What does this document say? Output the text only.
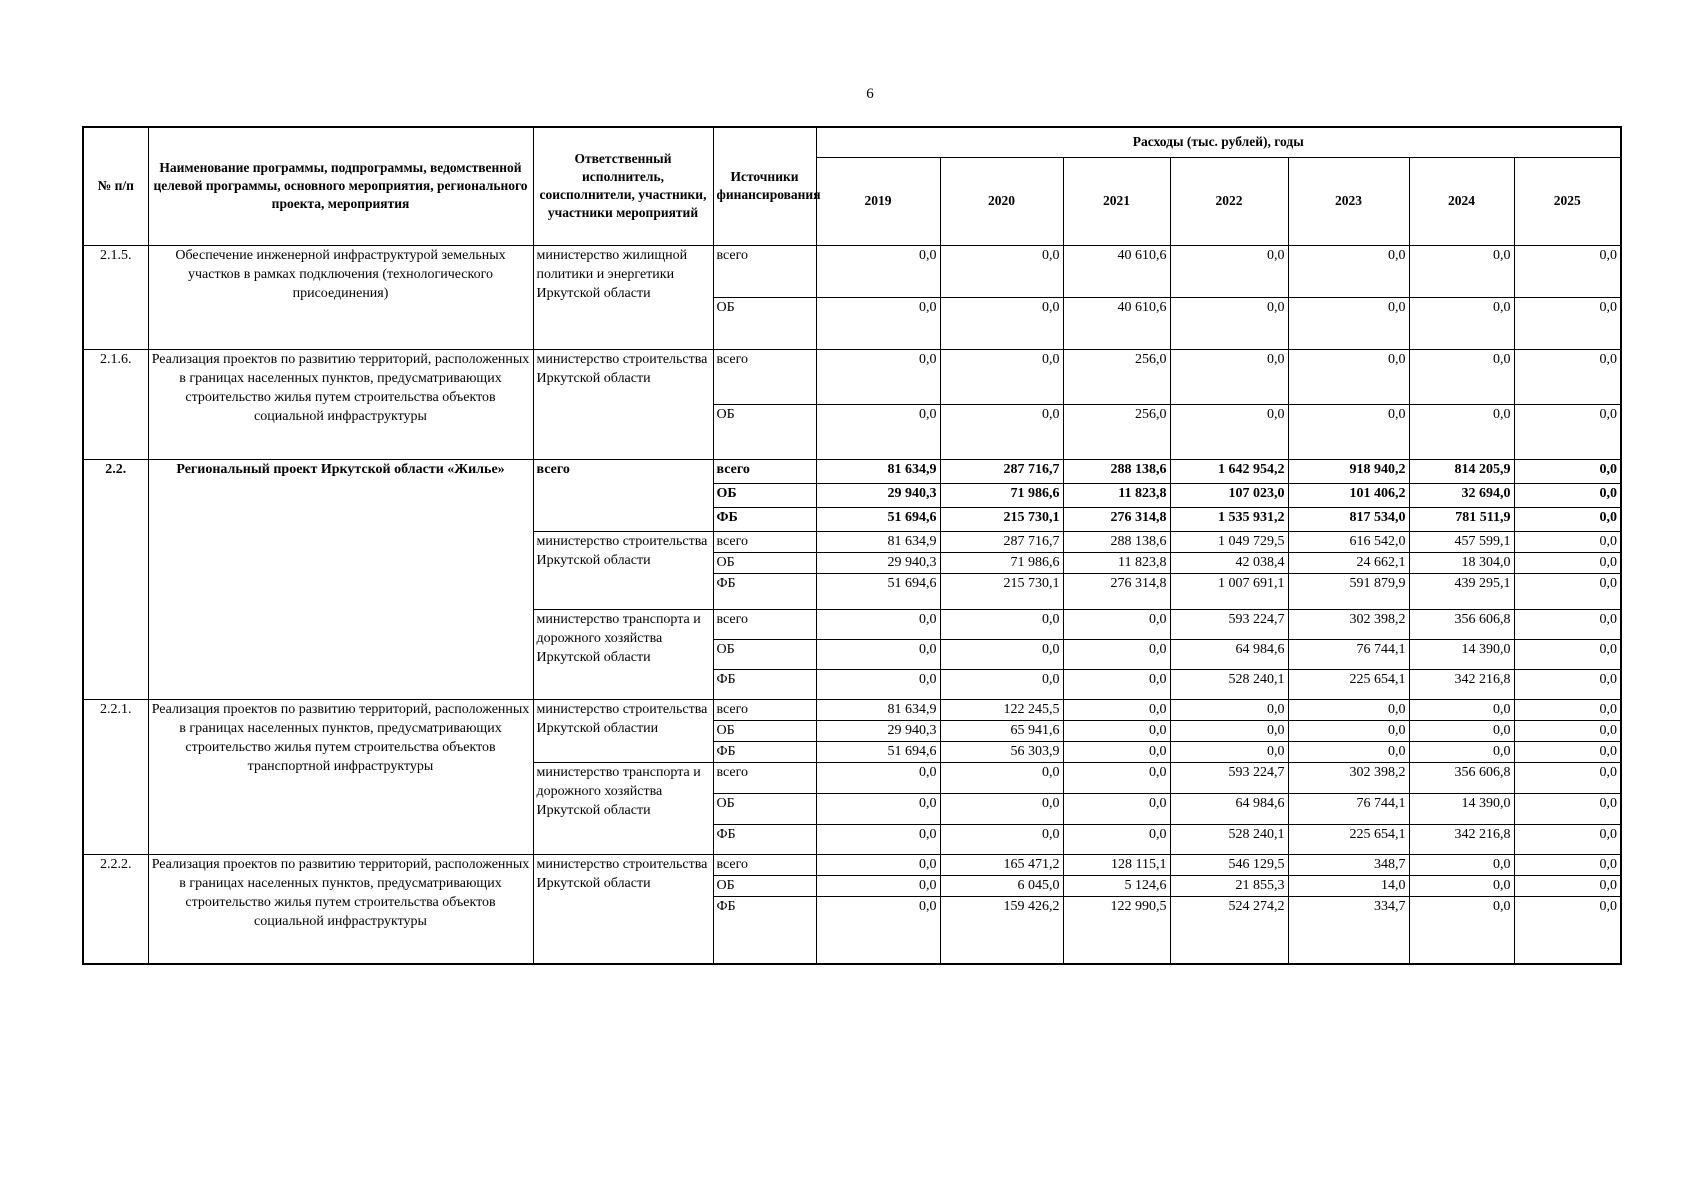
6
№ п/п	Наименование программы, подпрограммы, ведомственной целевой программы, основного мероприятия, регионального проекта, мероприятия	Ответственный исполнитель, соисполнители, участники, участники мероприятий	Источники финансирования	Расходы (тыс. рублей), годы						
				2019	2020	2021	2022	2023	2024	2025
2.1.5.	Обеспечение инженерной инфраструктурой земельных участков в рамках подключения (технологического присоединения)	министерство жилищной политики и энергетики Иркутской области	всего	0,0	0,0	40 610,6	0,0	0,0	0,0	0,0
			ОБ	0,0	0,0	40 610,6	0,0	0,0	0,0	0,0
2.1.6.	Реализация проектов по развитию территорий, расположенных в границах населенных пунктов, предусматривающих строительство жилья путем строительства объектов социальной инфраструктуры	министерство строительства Иркутской области	всего	0,0	0,0	256,0	0,0	0,0	0,0	0,0
			ОБ	0,0	0,0	256,0	0,0	0,0	0,0	0,0
2.2.	Региональный проект Иркутской области «Жилье»	всего	всего	81 634,9	287 716,7	288 138,6	1 642 954,2	918 940,2	814 205,9	0,0
			ОБ	29 940,3	71 986,6	11 823,8	107 023,0	101 406,2	32 694,0	0,0
			ФБ	51 694,6	215 730,1	276 314,8	1 535 931,2	817 534,0	781 511,9	0,0
		министерство строительства Иркутской области	всего	81 634,9	287 716,7	288 138,6	1 049 729,5	616 542,0	457 599,1	0,0
			ОБ	29 940,3	71 986,6	11 823,8	42 038,4	24 662,1	18 304,0	0,0
			ФБ	51 694,6	215 730,1	276 314,8	1 007 691,1	591 879,9	439 295,1	0,0
		министерство транспорта и дорожного хозяйства Иркутской области	всего	0,0	0,0	0,0	593 224,7	302 398,2	356 606,8	0,0
			ОБ	0,0	0,0	0,0	64 984,6	76 744,1	14 390,0	0,0
			ФБ	0,0	0,0	0,0	528 240,1	225 654,1	342 216,8	0,0
2.2.1.	Реализация проектов по развитию территорий, расположенных в границах населенных пунктов, предусматривающих строительство жилья путем строительства объектов транспортной инфраструктуры	министерство строительства Иркутской областии	всего	81 634,9	122 245,5	0,0	0,0	0,0	0,0	0,0
			ОБ	29 940,3	65 941,6	0,0	0,0	0,0	0,0	0,0
			ФБ	51 694,6	56 303,9	0,0	0,0	0,0	0,0	0,0
		министерство транспорта и дорожного хозяйства Иркутской области	всего	0,0	0,0	0,0	593 224,7	302 398,2	356 606,8	0,0
			ОБ	0,0	0,0	0,0	64 984,6	76 744,1	14 390,0	0,0
			ФБ	0,0	0,0	0,0	528 240,1	225 654,1	342 216,8	0,0
2.2.2.	Реализация проектов по развитию территорий, расположенных в границах населенных пунктов, предусматривающих строительство жилья путем строительства объектов социальной инфраструктуры	министерство строительства Иркутской области	всего	0,0	165 471,2	128 115,1	546 129,5	348,7	0,0	0,0
			ОБ	0,0	6 045,0	5 124,6	21 855,3	14,0	0,0	0,0
			ФБ	0,0	159 426,2	122 990,5	524 274,2	334,7	0,0	0,0
